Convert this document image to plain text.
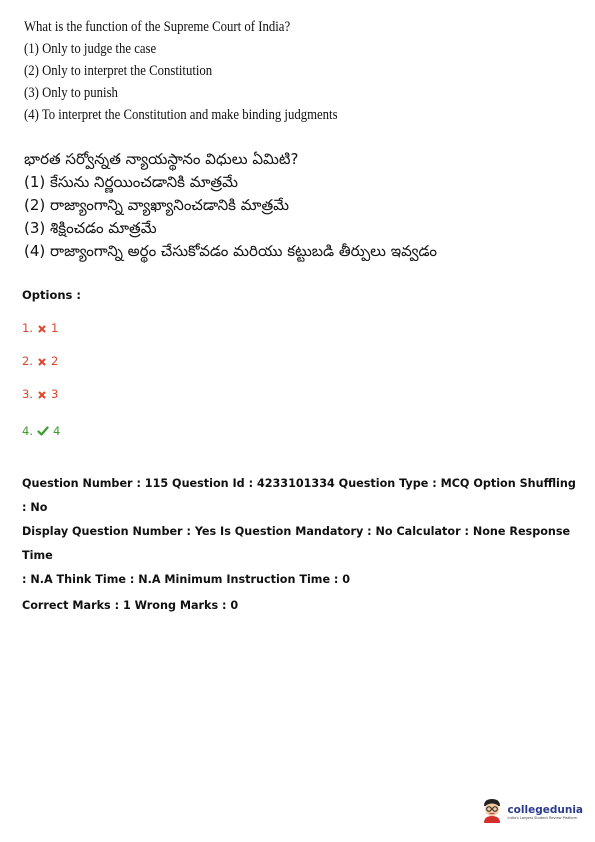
What is the function of the Supreme Court of India?
(1) Only to judge the case
(2) Only to interpret the Constitution
(3) Only to punish
(4) To interpret the Constitution and make binding judgments
భారత సర్వోన్నత న్యాయస్థానం విధులు ఏమిటి?
(1) కేసును నిర్ణయించడానికి మాత్రమే
(2) రాజ్యాంగాన్ని వ్యాఖ్యానించడానికి మాత్రమే
(3) శిక్షించడం మాత్రమే
(4) రాజ్యాంగాన్ని అర్థం చేసుకోవడం మరియు కట్టుబడి తీర్పులు ఇవ్వడం
Options :
1. 1
2. 2
3. 3
4. 4
Question Number : 115 Question Id : 4233101334 Question Type : MCQ Option Shuffling : No
Display Question Number : Yes Is Question Mandatory : No Calculator : None Response Time
: N.A Think Time : N.A Minimum Instruction Time : 0
Correct Marks : 1 Wrong Marks : 0
collegedunia
India's Largest Student Review Platform
